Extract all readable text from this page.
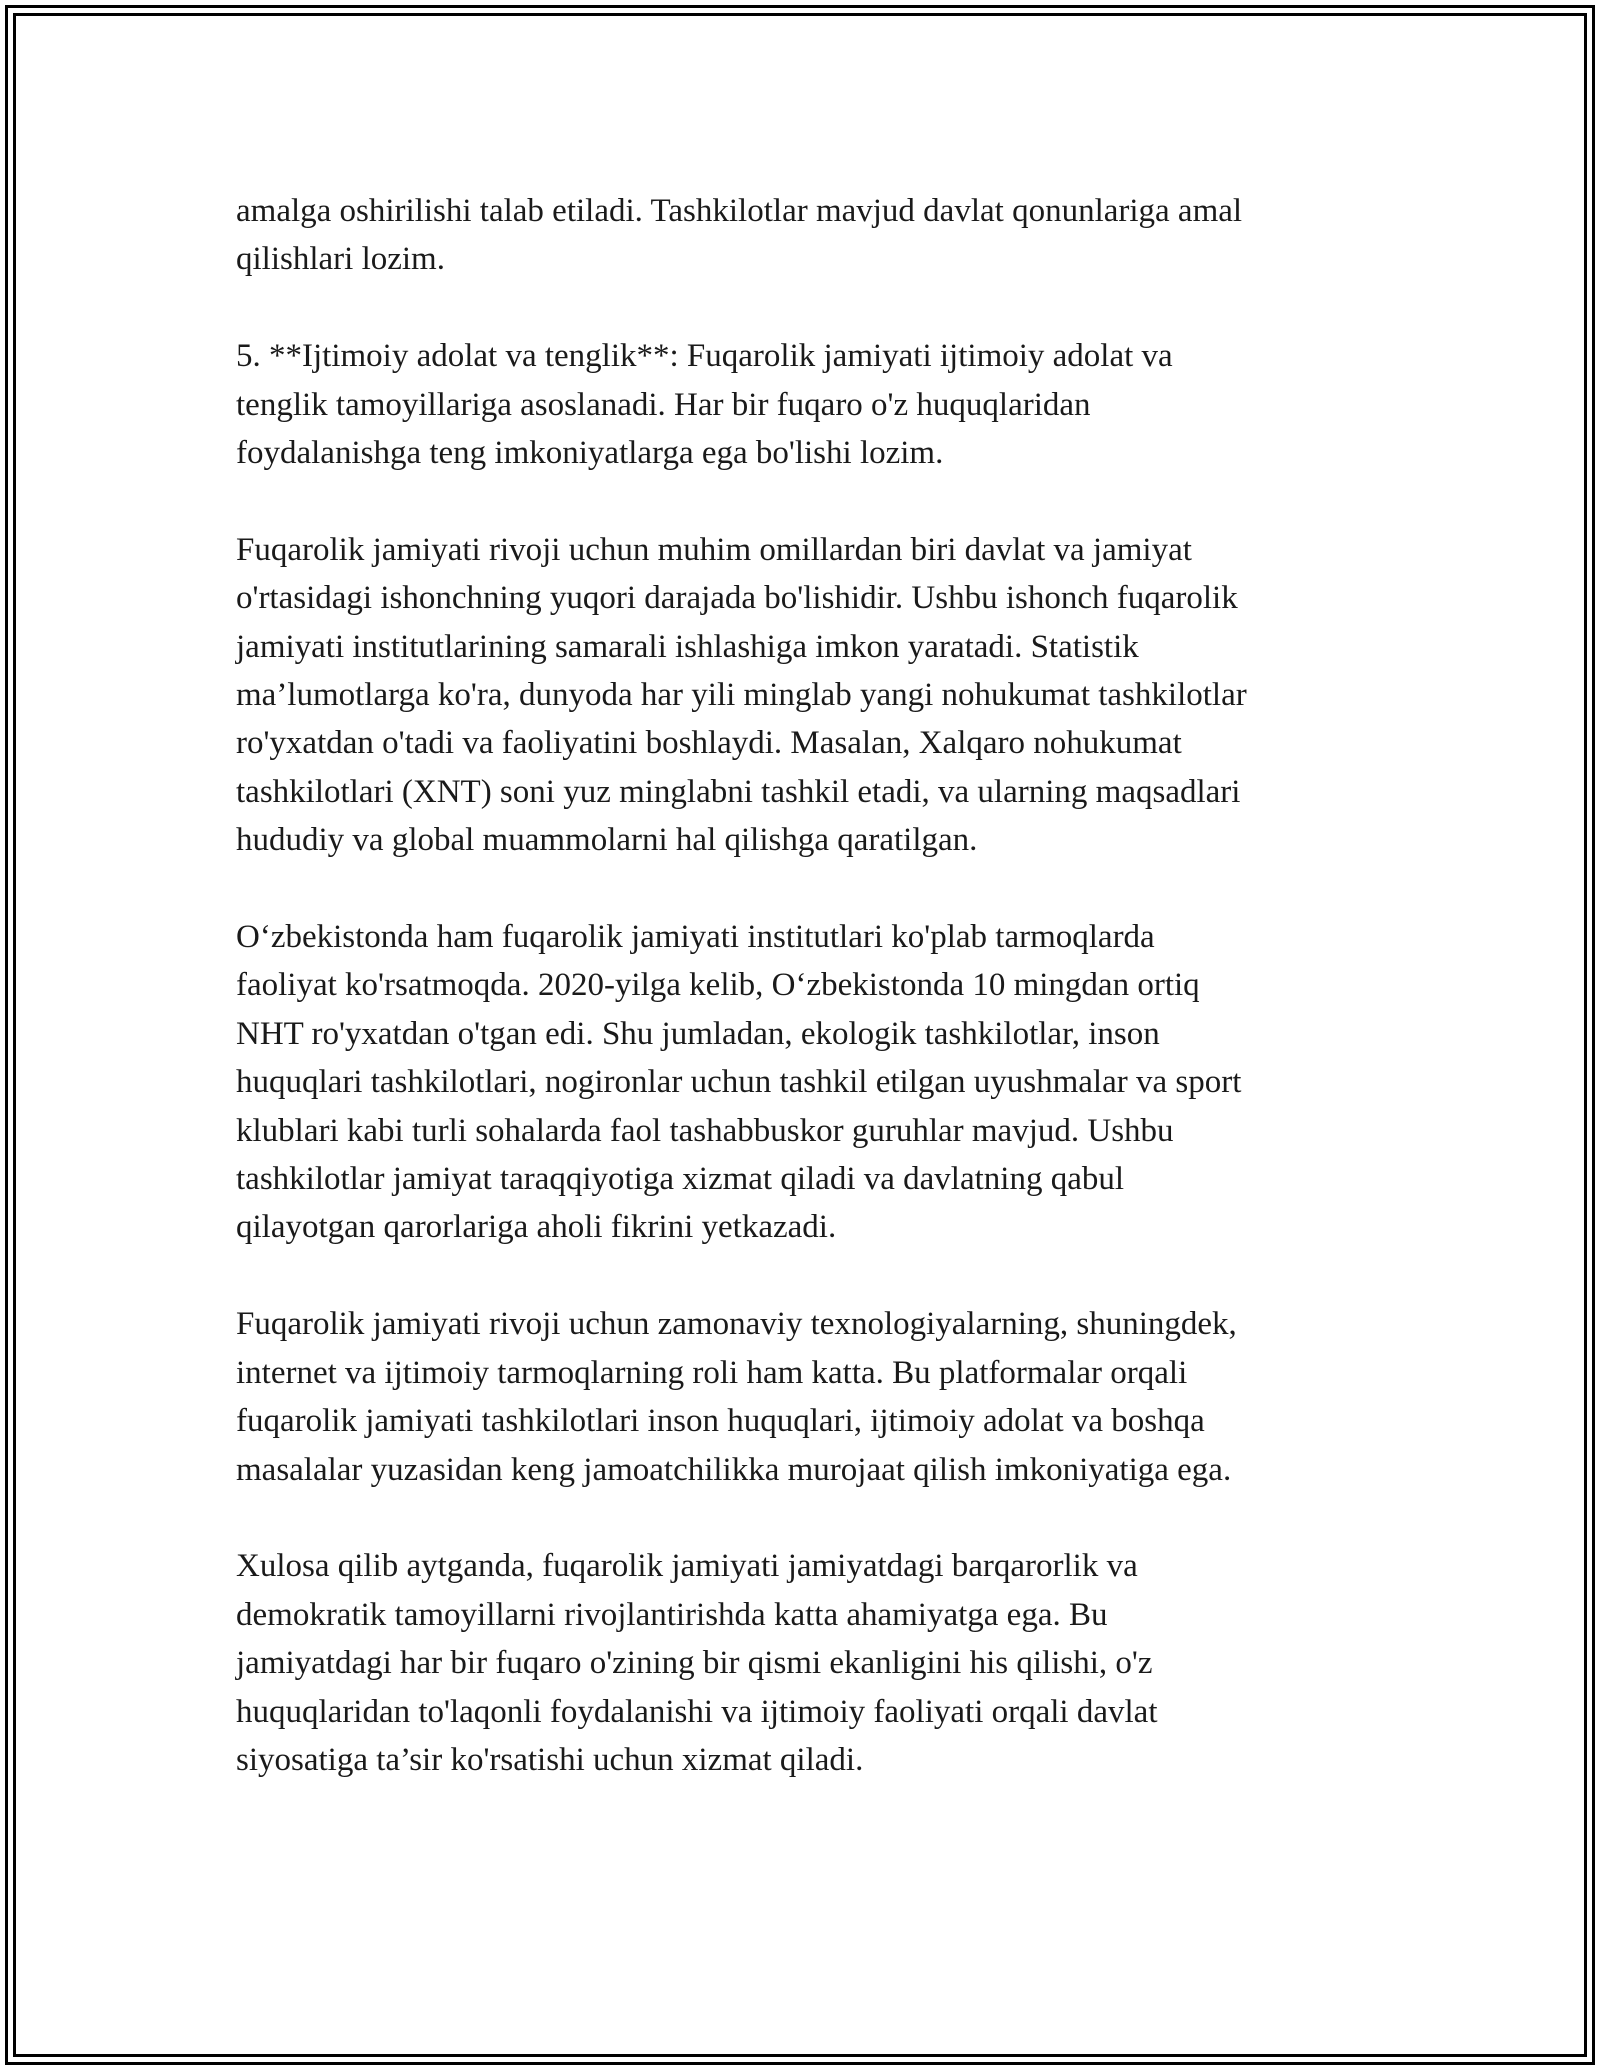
amalga oshirilishi talab etiladi. Tashkilotlar mavjud davlat qonunlariga amal
qilishlari lozim.

5. **Ijtimoiy adolat va tenglik**: Fuqarolik jamiyati ijtimoiy adolat va
tenglik tamoyillariga asoslanadi. Har bir fuqaro o'z huquqlaridan
foydalanishga teng imkoniyatlarga ega bo'lishi lozim.

Fuqarolik jamiyati rivoji uchun muhim omillardan biri davlat va jamiyat
o'rtasidagi ishonchning yuqori darajada bo'lishidir. Ushbu ishonch fuqarolik
jamiyati institutlarining samarali ishlashiga imkon yaratadi. Statistik
ma’lumotlarga ko'ra, dunyoda har yili minglab yangi nohukumat tashkilotlar
ro'yxatdan o'tadi va faoliyatini boshlaydi. Masalan, Xalqaro nohukumat
tashkilotlari (XNT) soni yuz minglabni tashkil etadi, va ularning maqsadlari
hududiy va global muammolarni hal qilishga qaratilgan.

O‘zbekistonda ham fuqarolik jamiyati institutlari ko'plab tarmoqlarda
faoliyat ko'rsatmoqda. 2020-yilga kelib, O‘zbekistonda 10 mingdan ortiq
NHT ro'yxatdan o'tgan edi. Shu jumladan, ekologik tashkilotlar, inson
huquqlari tashkilotlari, nogironlar uchun tashkil etilgan uyushmalar va sport
klublari kabi turli sohalarda faol tashabbuskor guruhlar mavjud. Ushbu
tashkilotlar jamiyat taraqqiyotiga xizmat qiladi va davlatning qabul
qilayotgan qarorlariga aholi fikrini yetkazadi.

Fuqarolik jamiyati rivoji uchun zamonaviy texnologiyalarning, shuningdek,
internet va ijtimoiy tarmoqlarning roli ham katta. Bu platformalar orqali
fuqarolik jamiyati tashkilotlari inson huquqlari, ijtimoiy adolat va boshqa
masalalar yuzasidan keng jamoatchilikka murojaat qilish imkoniyatiga ega.

Xulosa qilib aytganda, fuqarolik jamiyati jamiyatdagi barqarorlik va
demokratik tamoyillarni rivojlantirishda katta ahamiyatga ega. Bu
jamiyatdagi har bir fuqaro o'zining bir qismi ekanligini his qilishi, o'z
huquqlaridan to'laqonli foydalanishi va ijtimoiy faoliyati orqali davlat
siyosatiga ta’sir ko'rsatishi uchun xizmat qiladi.
